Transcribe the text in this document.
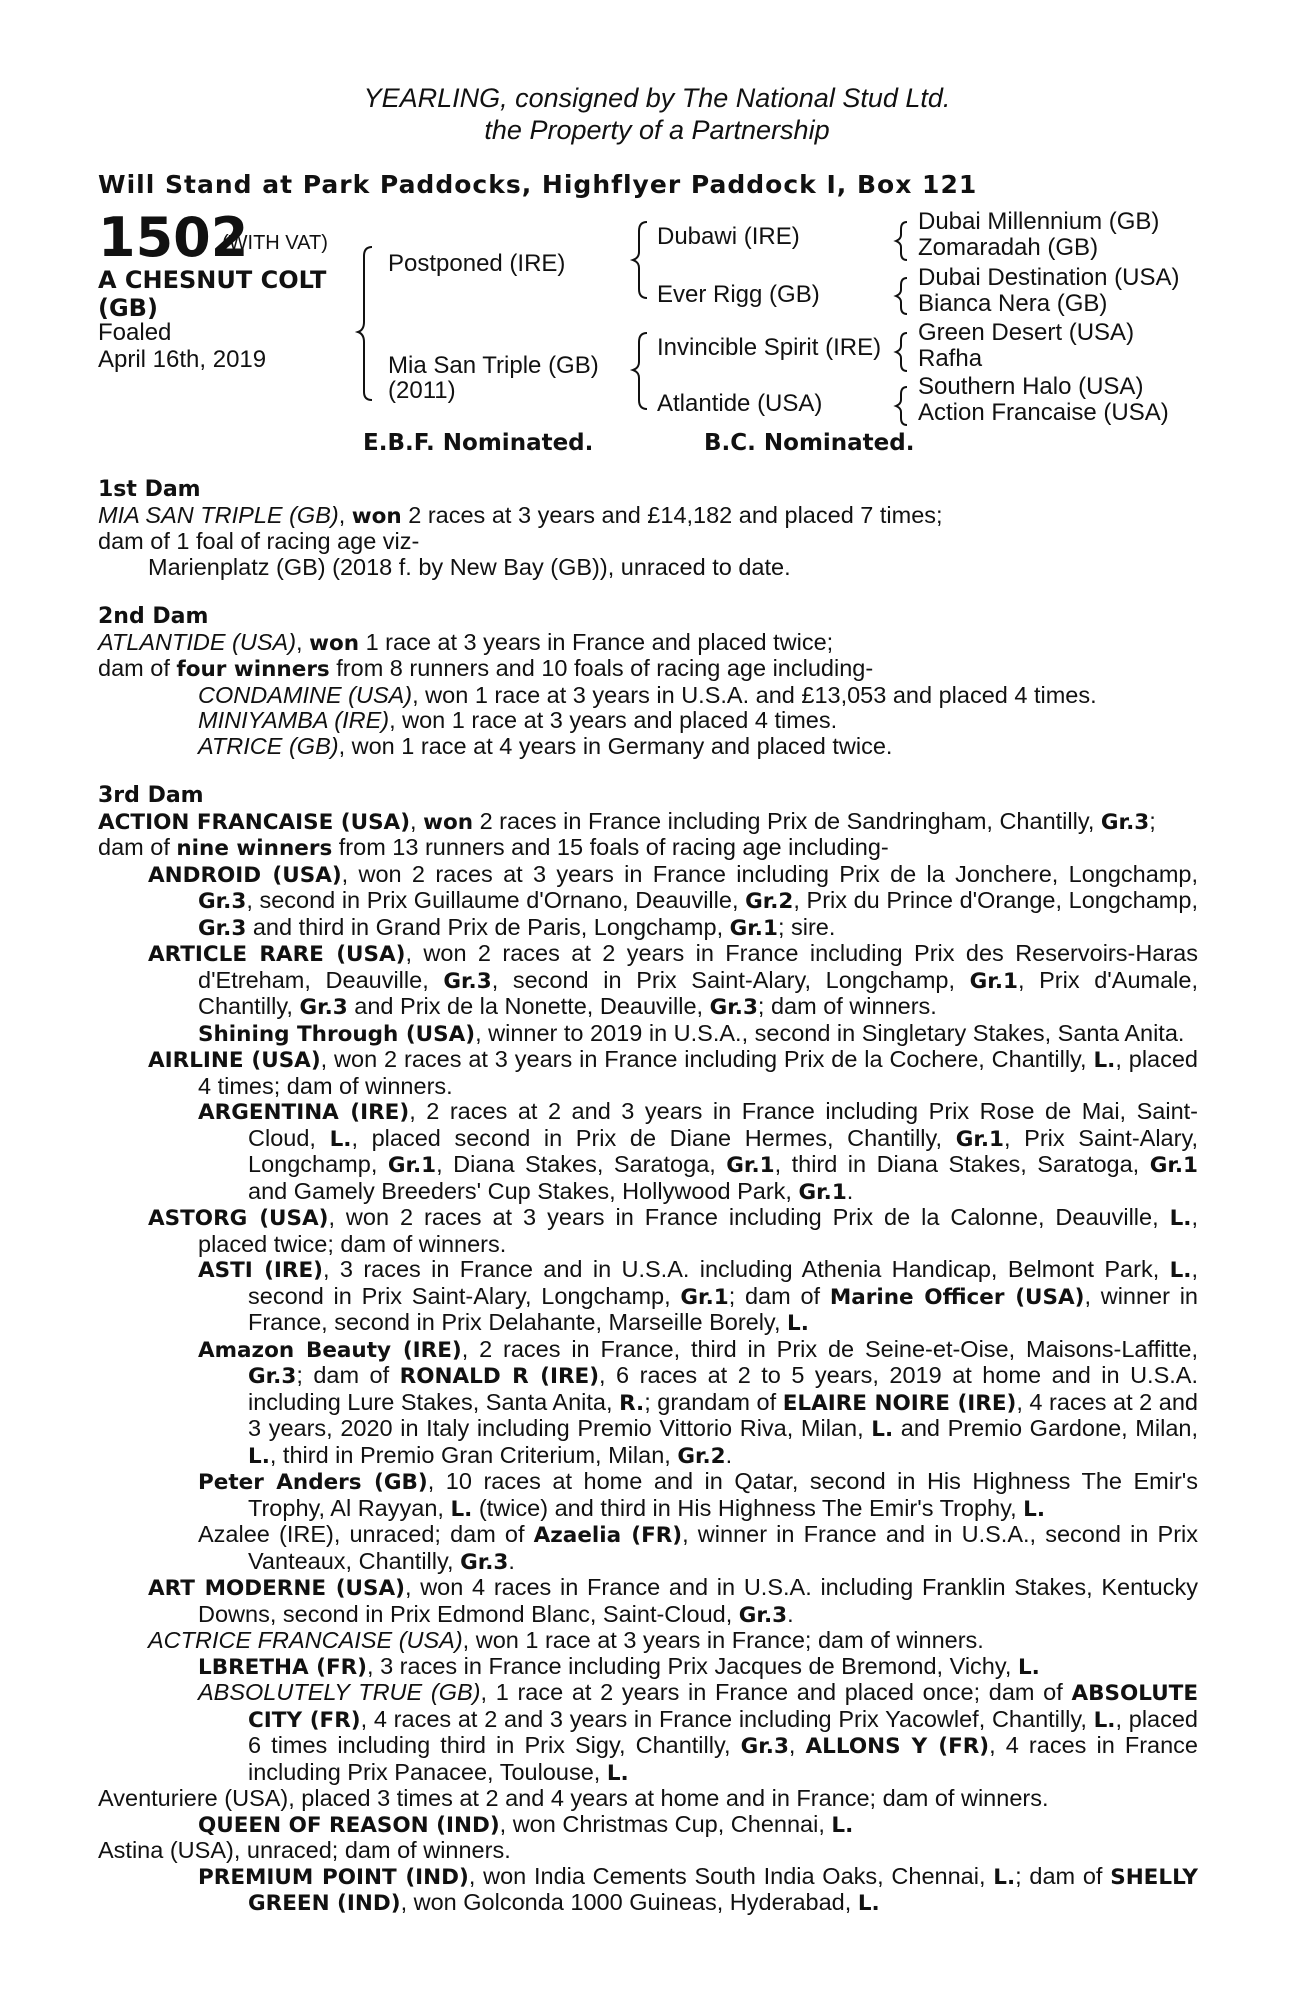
YEARLING, consigned by The National Stud Ltd.
the Property of a Partnership
Will Stand at Park Paddocks, Highflyer Paddock I, Box 121
1502
(WITH VAT)
A CHESNUT COLT (GB)
Foaled
April 16th, 2019
Postponed (IRE)
Mia San Triple (GB)
(2011)
Dubawi (IRE)
Ever Rigg (GB)
Invincible Spirit (IRE)
Atlantide (USA)
Dubai Millennium (GB)
Zomaradah (GB)
Dubai Destination (USA)
Bianca Nera (GB)
Green Desert (USA)
Rafha
Southern Halo (USA)
Action Francaise (USA)
E.B.F. Nominated.	B.C. Nominated.
1st Dam
MIA SAN TRIPLE (GB), won 2 races at 3 years and £14,182 and placed 7 times;
dam of 1 foal of racing age viz-
Marienplatz (GB) (2018 f. by New Bay (GB)), unraced to date.
2nd Dam
ATLANTIDE (USA), won 1 race at 3 years in France and placed twice;
dam of four winners from 8 runners and 10 foals of racing age including-
CONDAMINE (USA), won 1 race at 3 years in U.S.A. and £13,053 and placed 4 times.
MINIYAMBA (IRE), won 1 race at 3 years and placed 4 times.
ATRICE (GB), won 1 race at 4 years in Germany and placed twice.
3rd Dam
ACTION FRANCAISE (USA), won 2 races in France including Prix de Sandringham, Chantilly, Gr.3;
dam of nine winners from 13 runners and 15 foals of racing age including-
ANDROID (USA), won 2 races at 3 years in France including Prix de la Jonchere, Longchamp, Gr.3, second in Prix Guillaume d'Ornano, Deauville, Gr.2, Prix du Prince d'Orange, Longchamp, Gr.3 and third in Grand Prix de Paris, Longchamp, Gr.1; sire.
ARTICLE RARE (USA), won 2 races at 2 years in France including Prix des Reservoirs-Haras d'Etreham, Deauville, Gr.3, second in Prix Saint-Alary, Longchamp, Gr.1, Prix d'Aumale, Chantilly, Gr.3 and Prix de la Nonette, Deauville, Gr.3; dam of winners.
Shining Through (USA), winner to 2019 in U.S.A., second in Singletary Stakes, Santa Anita.
AIRLINE (USA), won 2 races at 3 years in France including Prix de la Cochere, Chantilly, L., placed 4 times; dam of winners.
ARGENTINA (IRE), 2 races at 2 and 3 years in France including Prix Rose de Mai, Saint-Cloud, L., placed second in Prix de Diane Hermes, Chantilly, Gr.1, Prix Saint-Alary, Longchamp, Gr.1, Diana Stakes, Saratoga, Gr.1, third in Diana Stakes, Saratoga, Gr.1 and Gamely Breeders' Cup Stakes, Hollywood Park, Gr.1.
ASTORG (USA), won 2 races at 3 years in France including Prix de la Calonne, Deauville, L., placed twice; dam of winners.
ASTI (IRE), 3 races in France and in U.S.A. including Athenia Handicap, Belmont Park, L., second in Prix Saint-Alary, Longchamp, Gr.1; dam of Marine Officer (USA), winner in France, second in Prix Delahante, Marseille Borely, L.
Amazon Beauty (IRE), 2 races in France, third in Prix de Seine-et-Oise, Maisons-Laffitte, Gr.3; dam of RONALD R (IRE), 6 races at 2 to 5 years, 2019 at home and in U.S.A. including Lure Stakes, Santa Anita, R.; grandam of ELAIRE NOIRE (IRE), 4 races at 2 and 3 years, 2020 in Italy including Premio Vittorio Riva, Milan, L. and Premio Gardone, Milan, L., third in Premio Gran Criterium, Milan, Gr.2.
Peter Anders (GB), 10 races at home and in Qatar, second in His Highness The Emir's Trophy, Al Rayyan, L. (twice) and third in His Highness The Emir's Trophy, L.
Azalee (IRE), unraced; dam of Azaelia (FR), winner in France and in U.S.A., second in Prix Vanteaux, Chantilly, Gr.3.
ART MODERNE (USA), won 4 races in France and in U.S.A. including Franklin Stakes, Kentucky Downs, second in Prix Edmond Blanc, Saint-Cloud, Gr.3.
ACTRICE FRANCAISE (USA), won 1 race at 3 years in France; dam of winners.
LBRETHA (FR), 3 races in France including Prix Jacques de Bremond, Vichy, L.
ABSOLUTELY TRUE (GB), 1 race at 2 years in France and placed once; dam of ABSOLUTE CITY (FR), 4 races at 2 and 3 years in France including Prix Yacowlef, Chantilly, L., placed 6 times including third in Prix Sigy, Chantilly, Gr.3, ALLONS Y (FR), 4 races in France including Prix Panacee, Toulouse, L.
Aventuriere (USA), placed 3 times at 2 and 4 years at home and in France; dam of winners.
QUEEN OF REASON (IND), won Christmas Cup, Chennai, L.
Astina (USA), unraced; dam of winners.
PREMIUM POINT (IND), won India Cements South India Oaks, Chennai, L.; dam of SHELLY GREEN (IND), won Golconda 1000 Guineas, Hyderabad, L.
